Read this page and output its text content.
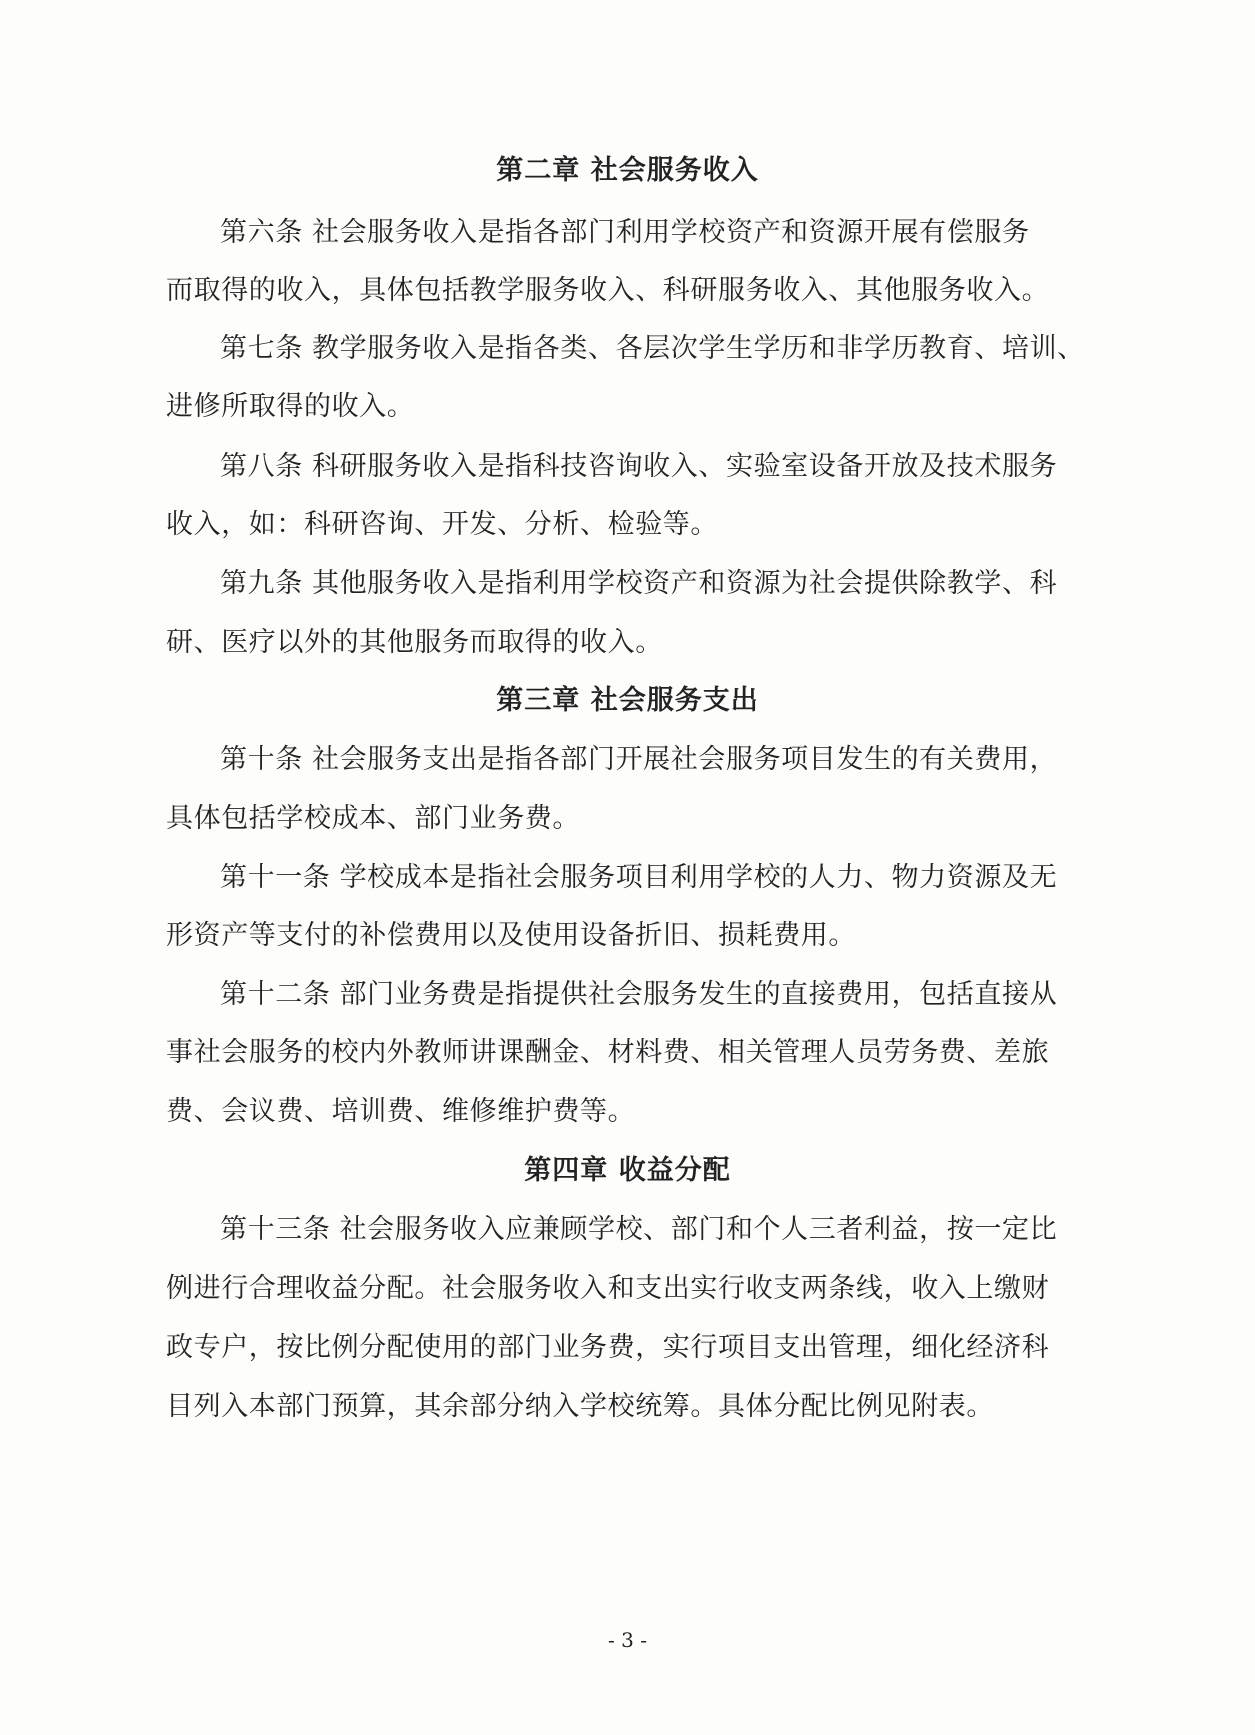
第二章 社会服务收入
第六条 社会服务收入是指各部门利用学校资产和资源开展有偿服务
而取得的收入，具体包括教学服务收入、科研服务收入、其他服务收入。
第七条 教学服务收入是指各类、各层次学生学历和非学历教育、培训、
进修所取得的收入。
第八条 科研服务收入是指科技咨询收入、实验室设备开放及技术服务
收入，如：科研咨询、开发、分析、检验等。
第九条 其他服务收入是指利用学校资产和资源为社会提供除教学、科
研、医疗以外的其他服务而取得的收入。
第三章 社会服务支出
第十条 社会服务支出是指各部门开展社会服务项目发生的有关费用，
具体包括学校成本、部门业务费。
第十一条 学校成本是指社会服务项目利用学校的人力、物力资源及无
形资产等支付的补偿费用以及使用设备折旧、损耗费用。
第十二条 部门业务费是指提供社会服务发生的直接费用，包括直接从
事社会服务的校内外教师讲课酬金、材料费、相关管理人员劳务费、差旅
费、会议费、培训费、维修维护费等。
第四章 收益分配
第十三条 社会服务收入应兼顾学校、部门和个人三者利益，按一定比
例进行合理收益分配。社会服务收入和支出实行收支两条线，收入上缴财
政专户，按比例分配使用的部门业务费，实行项目支出管理，细化经济科
目列入本部门预算，其余部分纳入学校统筹。具体分配比例见附表。
- 3 -
